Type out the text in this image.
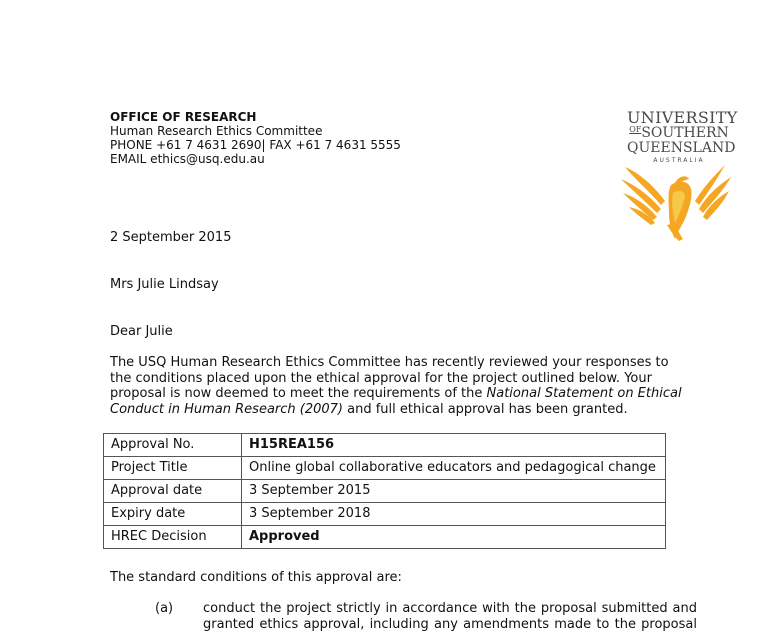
OFFICE OF RESEARCH
Human Research Ethics Committee
PHONE +61 7 4631 2690| FAX +61 7 4631 5555
EMAIL ethics@usq.edu.au
UNIVERSITY
$^{OF}$SOUTHERN
QUEENSLAND
AUSTRALIA
2 September 2015
Mrs Julie Lindsay
Dear Julie
The USQ Human Research Ethics Committee has recently reviewed your responses to the conditions placed upon the ethical approval for the project outlined below. Your proposal is now deemed to meet the requirements of the National Statement on Ethical Conduct in Human Research (2007) and full ethical approval has been granted.
Approval No.	H15REA156
Project Title	Online global collaborative educators and pedagogical change
Approval date	3 September 2015
Expiry date	3 September 2018
HREC Decision	Approved
The standard conditions of this approval are:
(a) conduct the project strictly in accordance with the proposal submitted and
granted ethics approval, including any amendments made to the proposal
